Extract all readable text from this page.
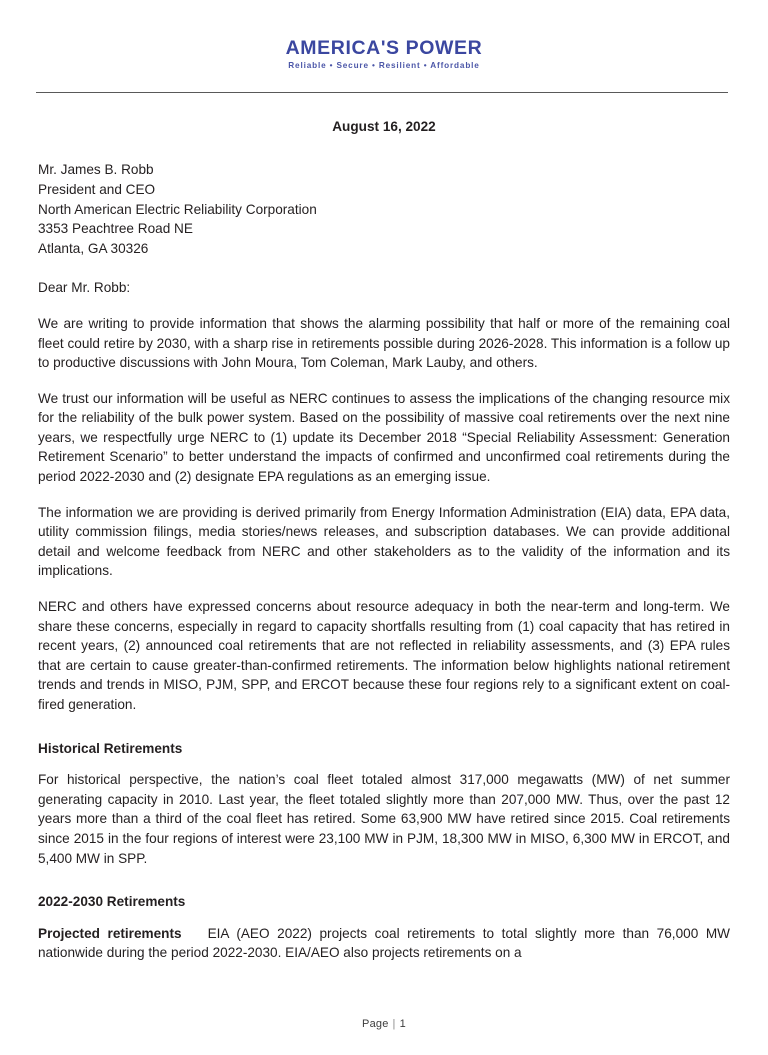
AMERICA'S POWER
Reliable • Secure • Resilient • Affordable
August 16, 2022
Mr. James B. Robb
President and CEO
North American Electric Reliability Corporation
3353 Peachtree Road NE
Atlanta, GA 30326
Dear Mr. Robb:

We are writing to provide information that shows the alarming possibility that half or more of the remaining coal fleet could retire by 2030, with a sharp rise in retirements possible during 2026-2028. This information is a follow up to productive discussions with John Moura, Tom Coleman, Mark Lauby, and others.

We trust our information will be useful as NERC continues to assess the implications of the changing resource mix for the reliability of the bulk power system. Based on the possibility of massive coal retirements over the next nine years, we respectfully urge NERC to (1) update its December 2018 “Special Reliability Assessment: Generation Retirement Scenario” to better understand the impacts of confirmed and unconfirmed coal retirements during the period 2022-2030 and (2) designate EPA regulations as an emerging issue.

The information we are providing is derived primarily from Energy Information Administration (EIA) data, EPA data, utility commission filings, media stories/news releases, and subscription databases. We can provide additional detail and welcome feedback from NERC and other stakeholders as to the validity of the information and its implications.

NERC and others have expressed concerns about resource adequacy in both the near-term and long-term. We share these concerns, especially in regard to capacity shortfalls resulting from (1) coal capacity that has retired in recent years, (2) announced coal retirements that are not reflected in reliability assessments, and (3) EPA rules that are certain to cause greater-than-confirmed retirements. The information below highlights national retirement trends and trends in MISO, PJM, SPP, and ERCOT because these four regions rely to a significant extent on coal-fired generation.

Historical Retirements

For historical perspective, the nation’s coal fleet totaled almost 317,000 megawatts (MW) of net summer generating capacity in 2010. Last year, the fleet totaled slightly more than 207,000 MW. Thus, over the past 12 years more than a third of the coal fleet has retired. Some 63,900 MW have retired since 2015. Coal retirements since 2015 in the four regions of interest were 23,100 MW in PJM, 18,300 MW in MISO, 6,300 MW in ERCOT, and 5,400 MW in SPP.

2022-2030 Retirements

Projected retirements EIA (AEO 2022) projects coal retirements to total slightly more than 76,000 MW nationwide during the period 2022-2030. EIA/AEO also projects retirements on a

Page | 1
